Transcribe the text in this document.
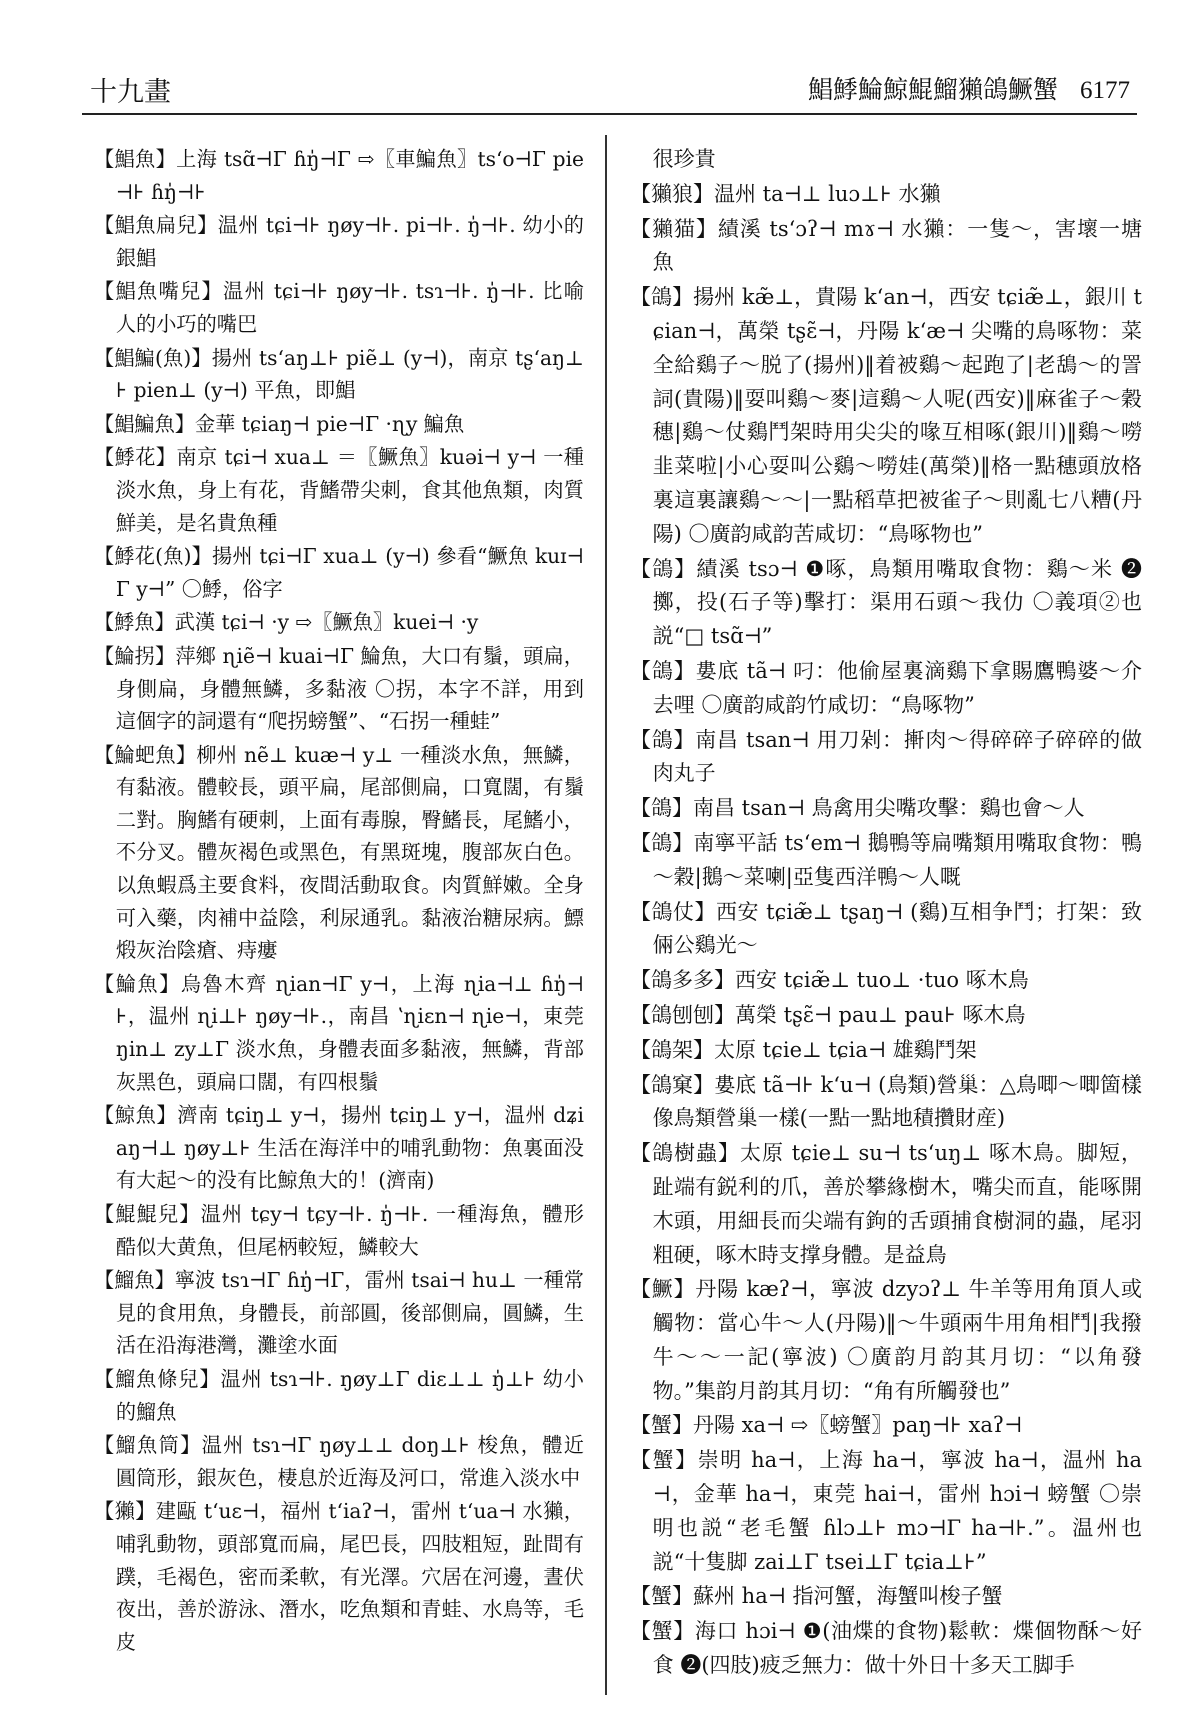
十九畫	鯧鯚鯩鯨鯤鰡獺鴿鱖蟹 6177

【鯧魚】上海 tsɑ̃⊣Γ ɦŋ̍⊣Γ ⇨〖車鯿魚〗tsʻo⊣Γ pie⊣⊦ ɦŋ̍⊣⊦

【鯧魚扁兒】温州 tɕi⊣⊦ ŋøy⊣⊦. pi⊣⊦. ŋ̍⊣⊦. 幼小的銀鯧

【鯧魚嘴兒】温州 tɕi⊣⊦ ŋøy⊣⊦. tsɿ⊣⊦. ŋ̍⊣⊦. 比喻人的小巧的嘴巴

【鯧鯿(魚)】揚州 tsʻaŋ⊥⊦ piẽ⊥ (y⊣)，南京 tʂʻaŋ⊥⊦ pien⊥ (y⊣) 平魚，即鯧

【鯧鯿魚】金華 tɕiaŋ⊣ pie⊣Γ ·ɳy 鯿魚

【鯚花】南京 tɕi⊣ xua⊥ ＝〖鱖魚〗kuəi⊣ y⊣ 一種淡水魚，身上有花，背鰭帶尖刺，食其他魚類，肉質鮮美，是名貴魚種

【鯚花(魚)】揚州 tɕi⊣Γ xua⊥ (y⊣) 參看“鱖魚 kuɪ⊣Γ y⊣” 〇鯚，俗字

【鯚魚】武漢 tɕi⊣ ·y ⇨〖鱖魚〗kuei⊣ ·y

【鯩拐】萍鄉 ɳiẽ⊣ kuai⊣Γ 鯩魚，大口有鬚，頭扁，身側扁，身體無鱗，多黏液 〇拐，本字不詳，用到這個字的詞還有“爬拐螃蟹”、“石拐一種蛙”

【鯩蚆魚】柳州 nẽ⊥ kuæ⊣ y⊥ 一種淡水魚，無鱗，有黏液。體較長，頭平扁，尾部側扁，口寬闊，有鬚二對。胸鰭有硬刺，上面有毒腺，臀鰭長，尾鰭小，不分叉。體灰褐色或黑色，有黑斑塊，腹部灰白色。以魚蝦爲主要食料，夜間活動取食。肉質鮮嫩。全身可入藥，肉補中益陰，利尿通乳。黏液治糖尿病。鰾煅灰治陰瘡、痔瘻

【鯩魚】烏魯木齊 ɳian⊣Γ y⊣，上海 ɳia⊣⊥ ɦŋ̍⊣⊦，温州 ɳi⊥⊦ ŋøy⊣⊦.，南昌 ʽɳiɛn⊣ ɳie⊣，東莞 ŋin⊥ zy⊥Γ 淡水魚，身體表面多黏液，無鱗，背部灰黑色，頭扁口闊，有四根鬚

【鯨魚】濟南 tɕiŋ⊥ y⊣，揚州 tɕiŋ⊥ y⊣，温州 dʑiaŋ⊣⊥ ŋøy⊥⊦ 生活在海洋中的哺乳動物：魚裏面没有大起～的没有比鯨魚大的！(濟南)

【鯤鯤兒】温州 tɕy⊣ tɕy⊣⊦. ŋ̍⊣⊦. 一種海魚，體形酷似大黄魚，但尾柄較短，鱗較大

【鰡魚】寧波 tsɿ⊣Γ ɦŋ̍⊣Γ，雷州 tsai⊣ hu⊥ 一種常見的食用魚，身體長，前部圓，後部側扁，圓鱗，生活在沿海港灣，灘塗水面

【鰡魚條兒】温州 tsɿ⊣⊦. ŋøy⊥Γ diɛ⊥⊥ ŋ̍⊥⊦ 幼小的鰡魚

【鰡魚筒】温州 tsɿ⊣Γ ŋøy⊥⊥ doŋ⊥⊦ 梭魚，體近圓筒形，銀灰色，棲息於近海及河口，常進入淡水中

【獺】建甌 tʻuɛ⊣，福州 tʻiaʔ⊣，雷州 tʻua⊣ 水獺，哺乳動物，頭部寬而扁，尾巴長，四肢粗短，趾間有蹼，毛褐色，密而柔軟，有光澤。穴居在河邊，晝伏夜出，善於游泳、潛水，吃魚類和青蛙、水鳥等，毛皮

很珍貴

【獺狼】温州 ta⊣⊥ luɔ⊥⊦ 水獺

【獺猫】績溪 tsʻɔʔ⊣ mɤ⊣ 水獺：一隻～，害壞一塘魚

【鴿】揚州 kæ̃⊥，貴陽 kʻan⊣，西安 tɕiæ̃⊥，銀川 tɕian⊣，萬榮 tʂɛ̃⊣，丹陽 kʻæ⊣ 尖嘴的鳥啄物：菜全給鷄子～脱了(揚州)‖着被鷄～起跑了|老鴰～的詈詞(貴陽)‖耍叫鷄～麥|這鷄～人呢(西安)‖麻雀子～穀穗|鷄～仗鷄鬥架時用尖尖的喙互相啄(銀川)‖鷄～嘮韭菜啦|小心耍叫公鷄～嘮娃(萬榮)‖格一點穗頭放格裏這裏讓鷄～～|一點稻草把被雀子～則亂七八糟(丹陽) 〇廣韵咸韵苦咸切：“鳥啄物也”

【鴿】績溪 tsɔ⊣ ❶啄，鳥類用嘴取食物：鷄～米 ❷擲，投(石子等)擊打：渠用石頭～我仂 〇義項②也説“□ tsɑ̃⊣”

【鴿】婁底 tã⊣ 叼：他偷屋裏滴鷄下拿賜鷹鴨婆～介去哩 〇廣韵咸韵竹咸切：“鳥啄物”

【鴿】南昌 tsan⊣ 用刀剁：搟肉～得碎碎子碎碎的做肉丸子

【鴿】南昌 tsan⊣ 鳥禽用尖嘴攻擊：鷄也會～人

【鴿】南寧平話 tsʻem⊣ 鵝鴨等扁嘴類用嘴取食物：鴨～穀|鵝～菜喇|亞隻西洋鴨～人嘅

【鴿仗】西安 tɕiæ̃⊥ tʂaŋ⊣ (鷄)互相争鬥；打架：致倆公鷄光～

【鴿多多】西安 tɕiæ̃⊥ tuo⊥ ·tuo 啄木鳥

【鴿刨刨】萬榮 tʂɛ̃⊣ pau⊥ pau⊦ 啄木鳥

【鴿架】太原 tɕie⊥ tɕia⊣ 雄鷄鬥架

【鴿窠】婁底 tã⊣⊦ kʻu⊣ (鳥類)營巢：△鳥唧～唧箇樣像鳥類營巢一樣(一點一點地積攢財産)

【鴿樹蟲】太原 tɕie⊥ su⊣ tsʻuŋ⊥ 啄木鳥。脚短，趾端有鋭利的爪，善於攀緣樹木，嘴尖而直，能啄開木頭，用細長而尖端有鉤的舌頭捕食樹洞的蟲，尾羽粗硬，啄木時支撑身體。是益鳥

【鱖】丹陽 kæʔ⊣，寧波 dzyɔʔ⊥ 牛羊等用角頂人或觸物：當心牛～人(丹陽)‖～牛頭兩牛用角相鬥|我撥牛～～一記(寧波) 〇廣韵月韵其月切：“以角發物。”集韵月韵其月切：“角有所觸發也”

【蟹】丹陽 xa⊣ ⇨〖螃蟹〗paŋ⊣⊦ xaʔ⊣

【蟹】崇明 ha⊣，上海 ha⊣，寧波 ha⊣，温州 ha⊣，金華 ha⊣，東莞 hai⊣，雷州 hɔi⊣ 螃蟹 〇崇明也説“老毛蟹 ɦlɔ⊥⊦ mɔ⊣Γ ha⊣⊦.”。温州也説“十隻脚 zai⊥Γ tsei⊥Γ tɕia⊥⊦”

【蟹】蘇州 ha⊣ 指河蟹，海蟹叫梭子蟹

【蟹】海口 hɔi⊣ ❶(油煠的食物)鬆軟：煠個物酥～好食 ❷(四肢)疲乏無力：做十外日十多天工脚手
